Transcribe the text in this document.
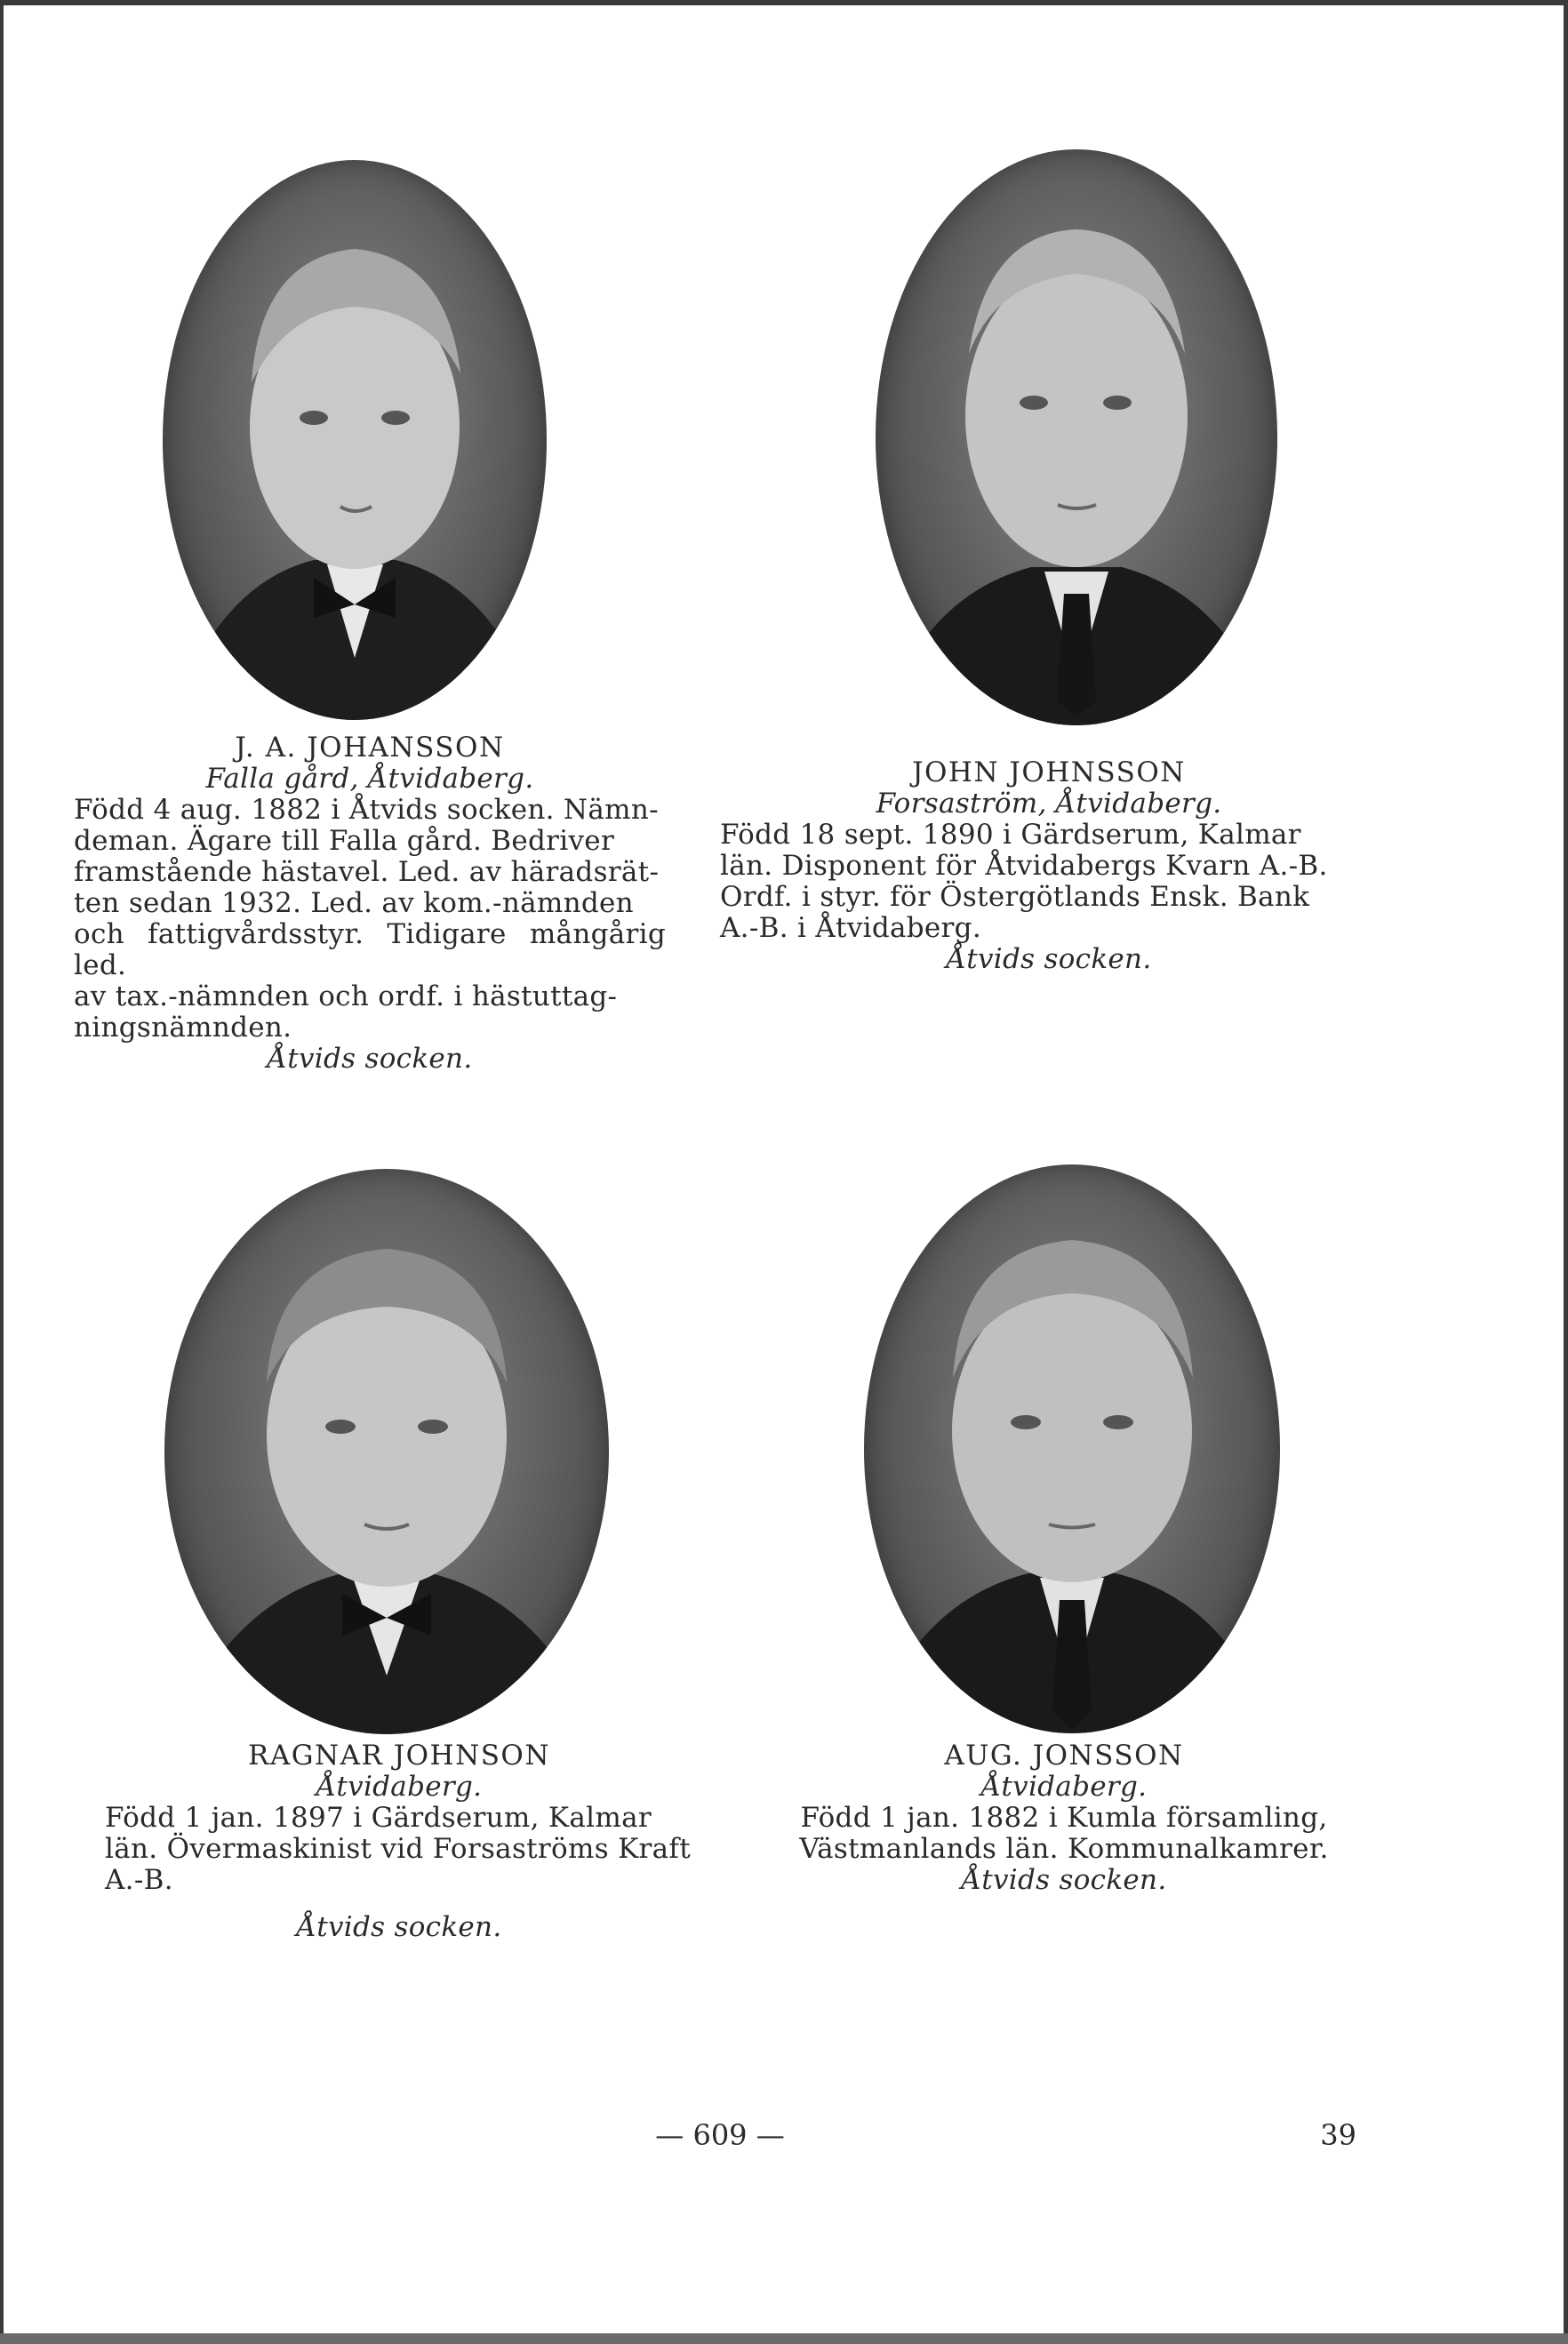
J. A. JOHANSSON
Falla gård, Åtvidaberg.
Född 4 aug. 1882 i Åtvids socken. Nämn-
deman. Ägare till Falla gård. Bedriver
framstående hästavel. Led. av häradsrät-
ten sedan 1932. Led. av kom.-nämnden
och fattigvårdsstyr. Tidigare mångårig led.
av tax.-nämnden och ordf. i hästuttag-
ningsnämnden.
Åtvids socken.
JOHN JOHNSSON
Forsaström, Åtvidaberg.
Född 18 sept. 1890 i Gärdserum, Kalmar
län. Disponent för Åtvidabergs Kvarn A.-B.
Ordf. i styr. för Östergötlands Ensk. Bank
A.-B. i Åtvidaberg.
Åtvids socken.
RAGNAR JOHNSON
Åtvidaberg.
Född 1 jan. 1897 i Gärdserum, Kalmar
län. Övermaskinist vid Forsaströms Kraft
A.-B.
Åtvids socken.
AUG. JONSSON
Åtvidaberg.
Född 1 jan. 1882 i Kumla församling,
Västmanlands län. Kommunalkamrer.
Åtvids socken.
— 609 —	39
